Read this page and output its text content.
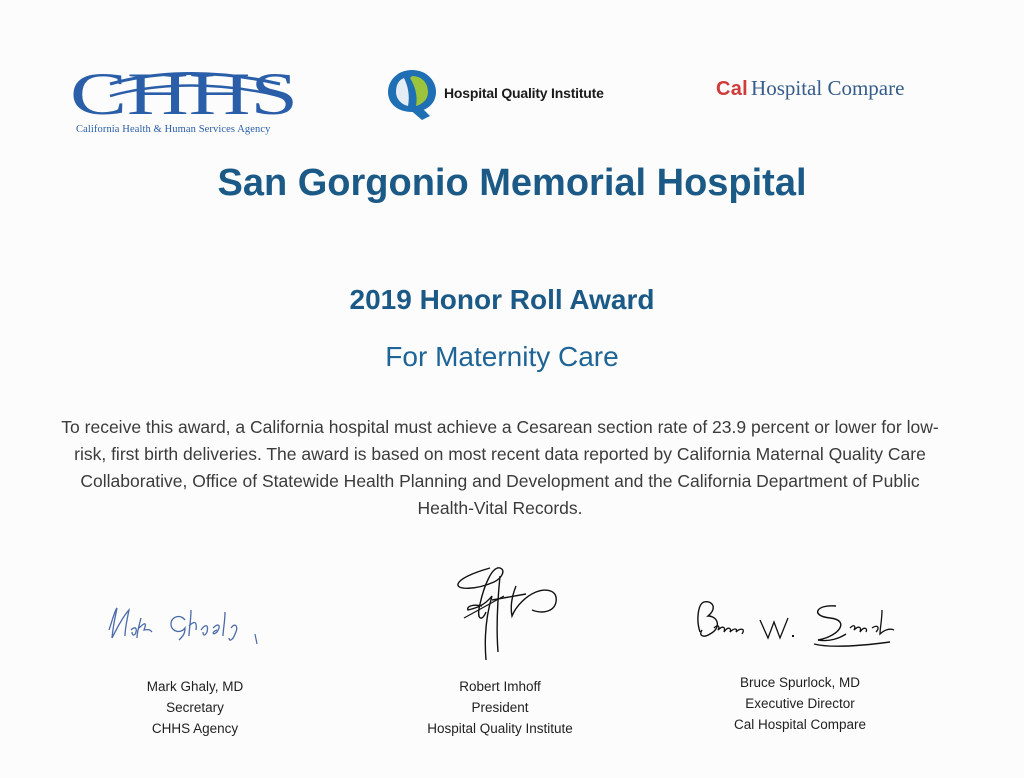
CHHS
California Health & Human Services Agency
Hospital Quality Institute	Cal Hospital Compare
San Gorgonio Memorial Hospital
2019 Honor Roll Award
For Maternity Care
To receive this award, a California hospital must achieve a Cesarean section rate of 23.9 percent or lower for low-risk, first birth deliveries. The award is based on most recent data reported by California Maternal Quality Care Collaborative, Office of Statewide Health Planning and Development and the California Department of Public Health-Vital Records.
Mark Ghaly, MD
Secretary
CHHS Agency
Robert Imhoff
President
Hospital Quality Institute
Bruce Spurlock, MD
Executive Director
Cal Hospital Compare
